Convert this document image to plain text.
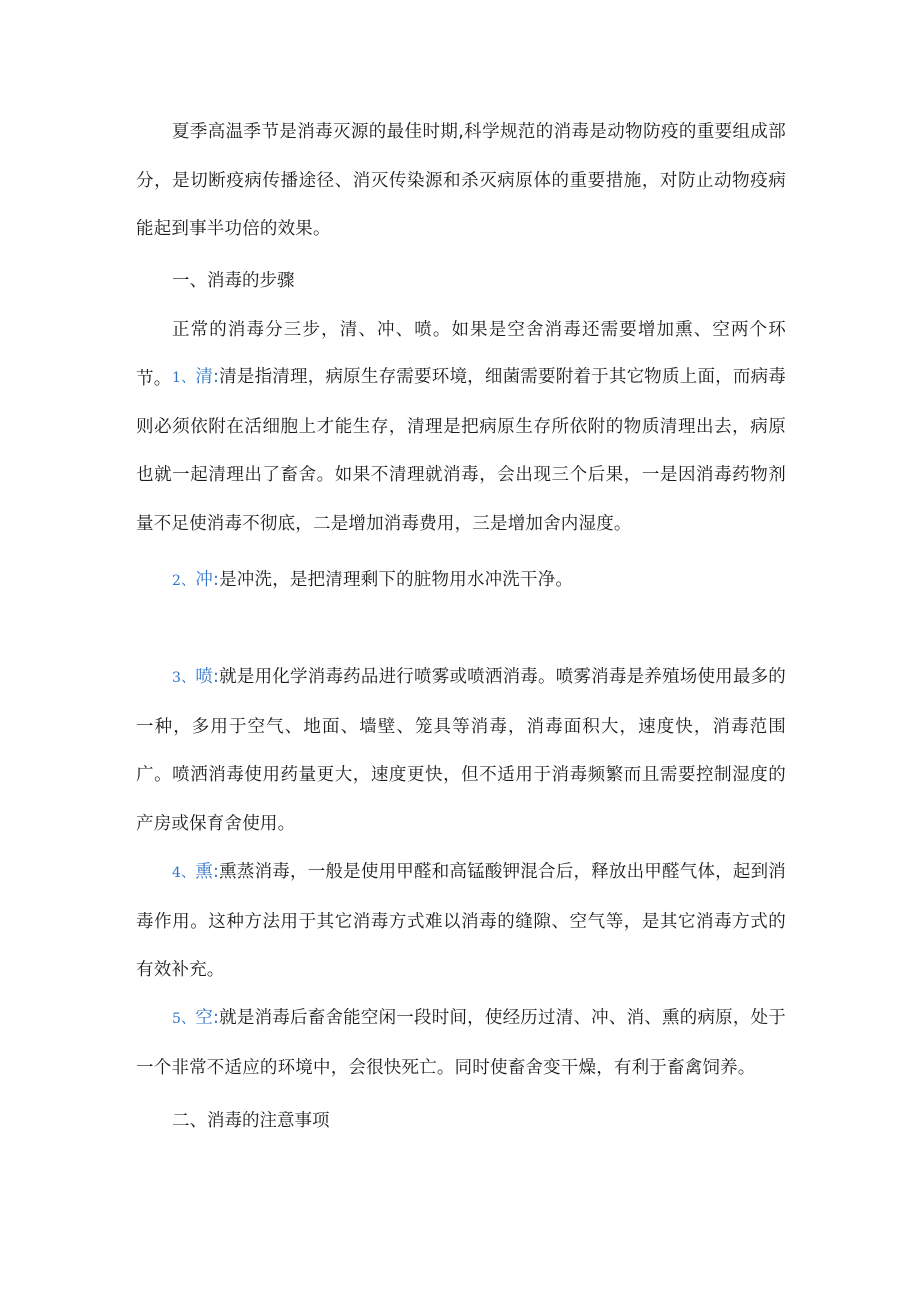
夏季高温季节是消毒灭源的最佳时期,科学规范的消毒是动物防疫的重要组成部分，是切断疫病传播途径、消灭传染源和杀灭病原体的重要措施，对防止动物疫病能起到事半功倍的效果。

一、消毒的步骤

正常的消毒分三步，清、冲、喷。如果是空舍消毒还需要增加熏、空两个环节。 1、清:清是指清理，病原生存需要环境，细菌需要附着于其它物质上面，而病毒则必须依附在活细胞上才能生存，清理是把病原生存所依附的物质清理出去，病原也就一起清理出了畜舍。如果不清理就消毒，会出现三个后果，一是因消毒药物剂量不足使消毒不彻底，二是增加消毒费用，三是增加舍内湿度。

2、冲:是冲洗，是把清理剩下的脏物用水冲洗干净。

3、喷:就是用化学消毒药品进行喷雾或喷洒消毒。喷雾消毒是养殖场使用最多的一种，多用于空气、地面、墙壁、笼具等消毒，消毒面积大，速度快，消毒范围广。喷洒消毒使用药量更大，速度更快，但不适用于消毒频繁而且需要控制湿度的产房或保育舍使用。

4、熏:熏蒸消毒，一般是使用甲醛和高锰酸钾混合后，释放出甲醛气体，起到消毒作用。这种方法用于其它消毒方式难以消毒的缝隙、空气等，是其它消毒方式的有效补充。

5、空:就是消毒后畜舍能空闲一段时间，使经历过清、冲、消、熏的病原，处于一个非常不适应的环境中，会很快死亡。同时使畜舍变干燥，有利于畜禽饲养。

二、消毒的注意事项
